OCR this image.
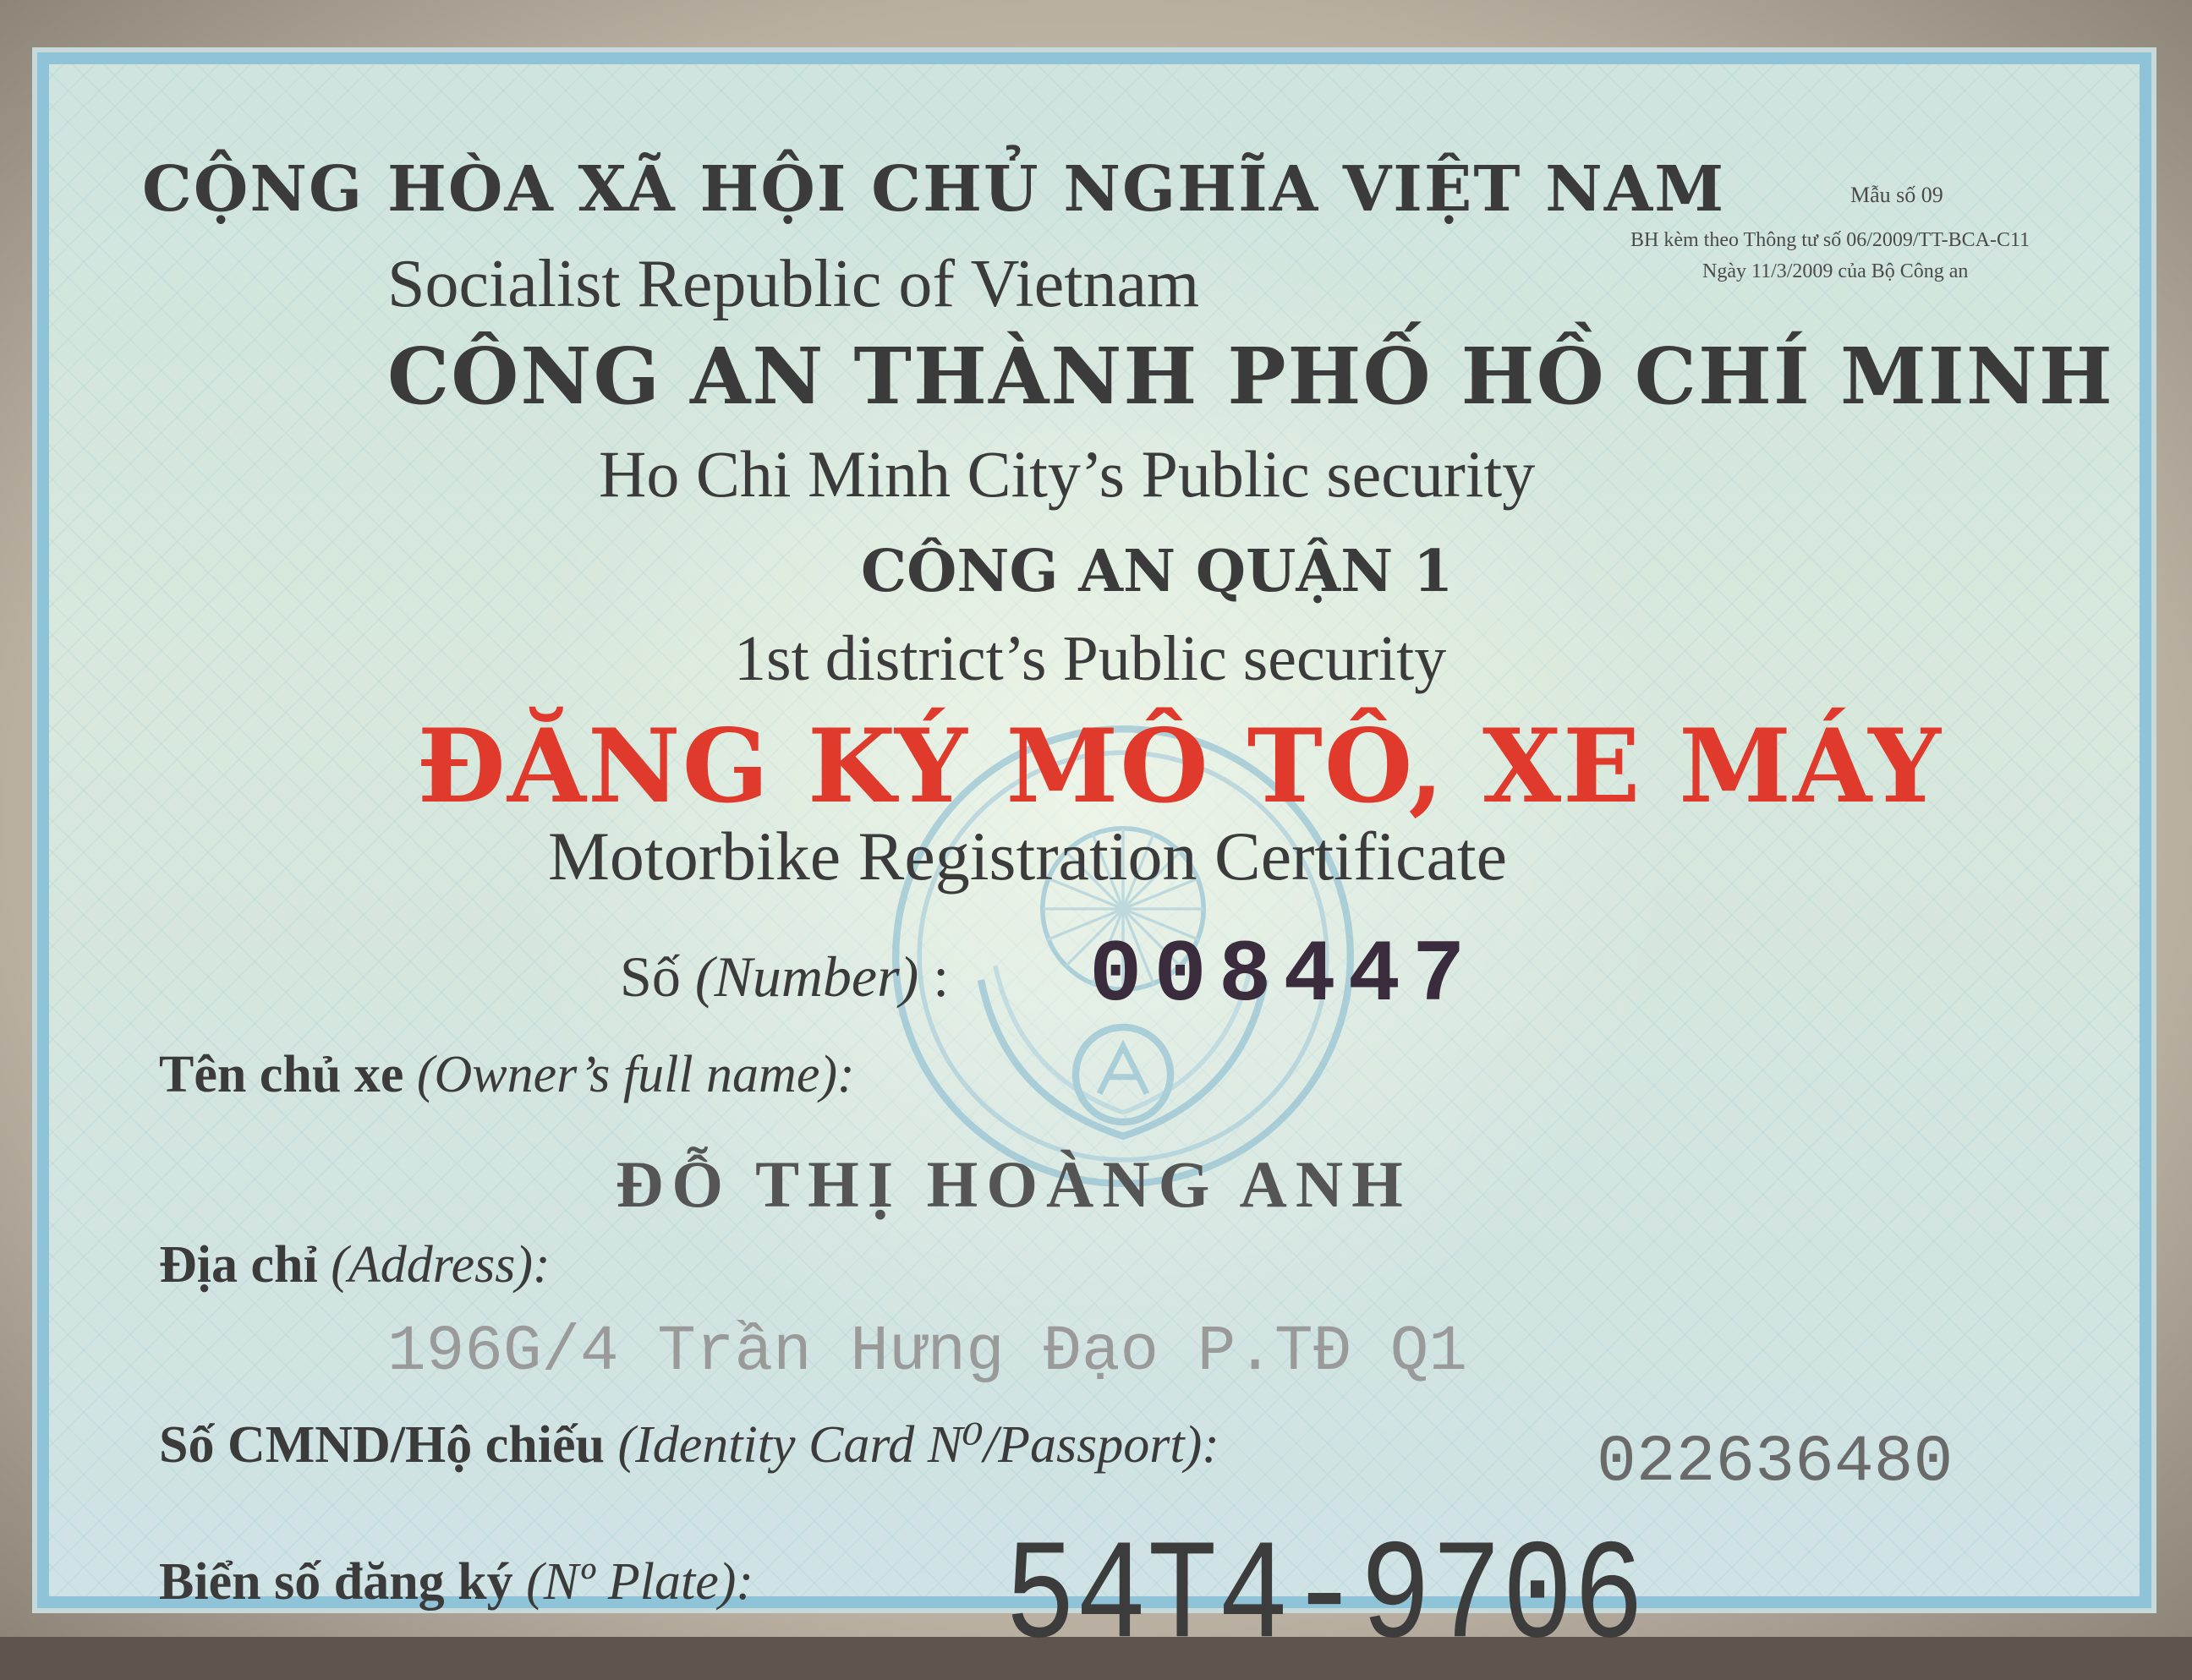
CỘNG HÒA XÃ HỘI CHỦ NGHĨA VIỆT NAM
Socialist Republic of Vietnam
Mẫu số 09
BH kèm theo Thông tư số 06/2009/TT-BCA-C11
Ngày 11/3/2009 của Bộ Công an
CÔNG AN THÀNH PHỐ HỒ CHÍ MINH
Ho Chi Minh City’s Public security
CÔNG AN QUẬN 1
1st district’s Public security
ĐĂNG KÝ MÔ TÔ, XE MÁY
Motorbike Registration Certificate
Số (Number) : 008447
Tên chủ xe (Owner’s full name):
ĐỖ THỊ HOÀNG ANH
Địa chỉ (Address):
196G/4 Trần Hưng Đạo P.TĐ Q1
Số CMND/Hộ chiếu (Identity Card N⁰/Passport):	022636480
Biển số đăng ký (Nº Plate): 54T4-9706
